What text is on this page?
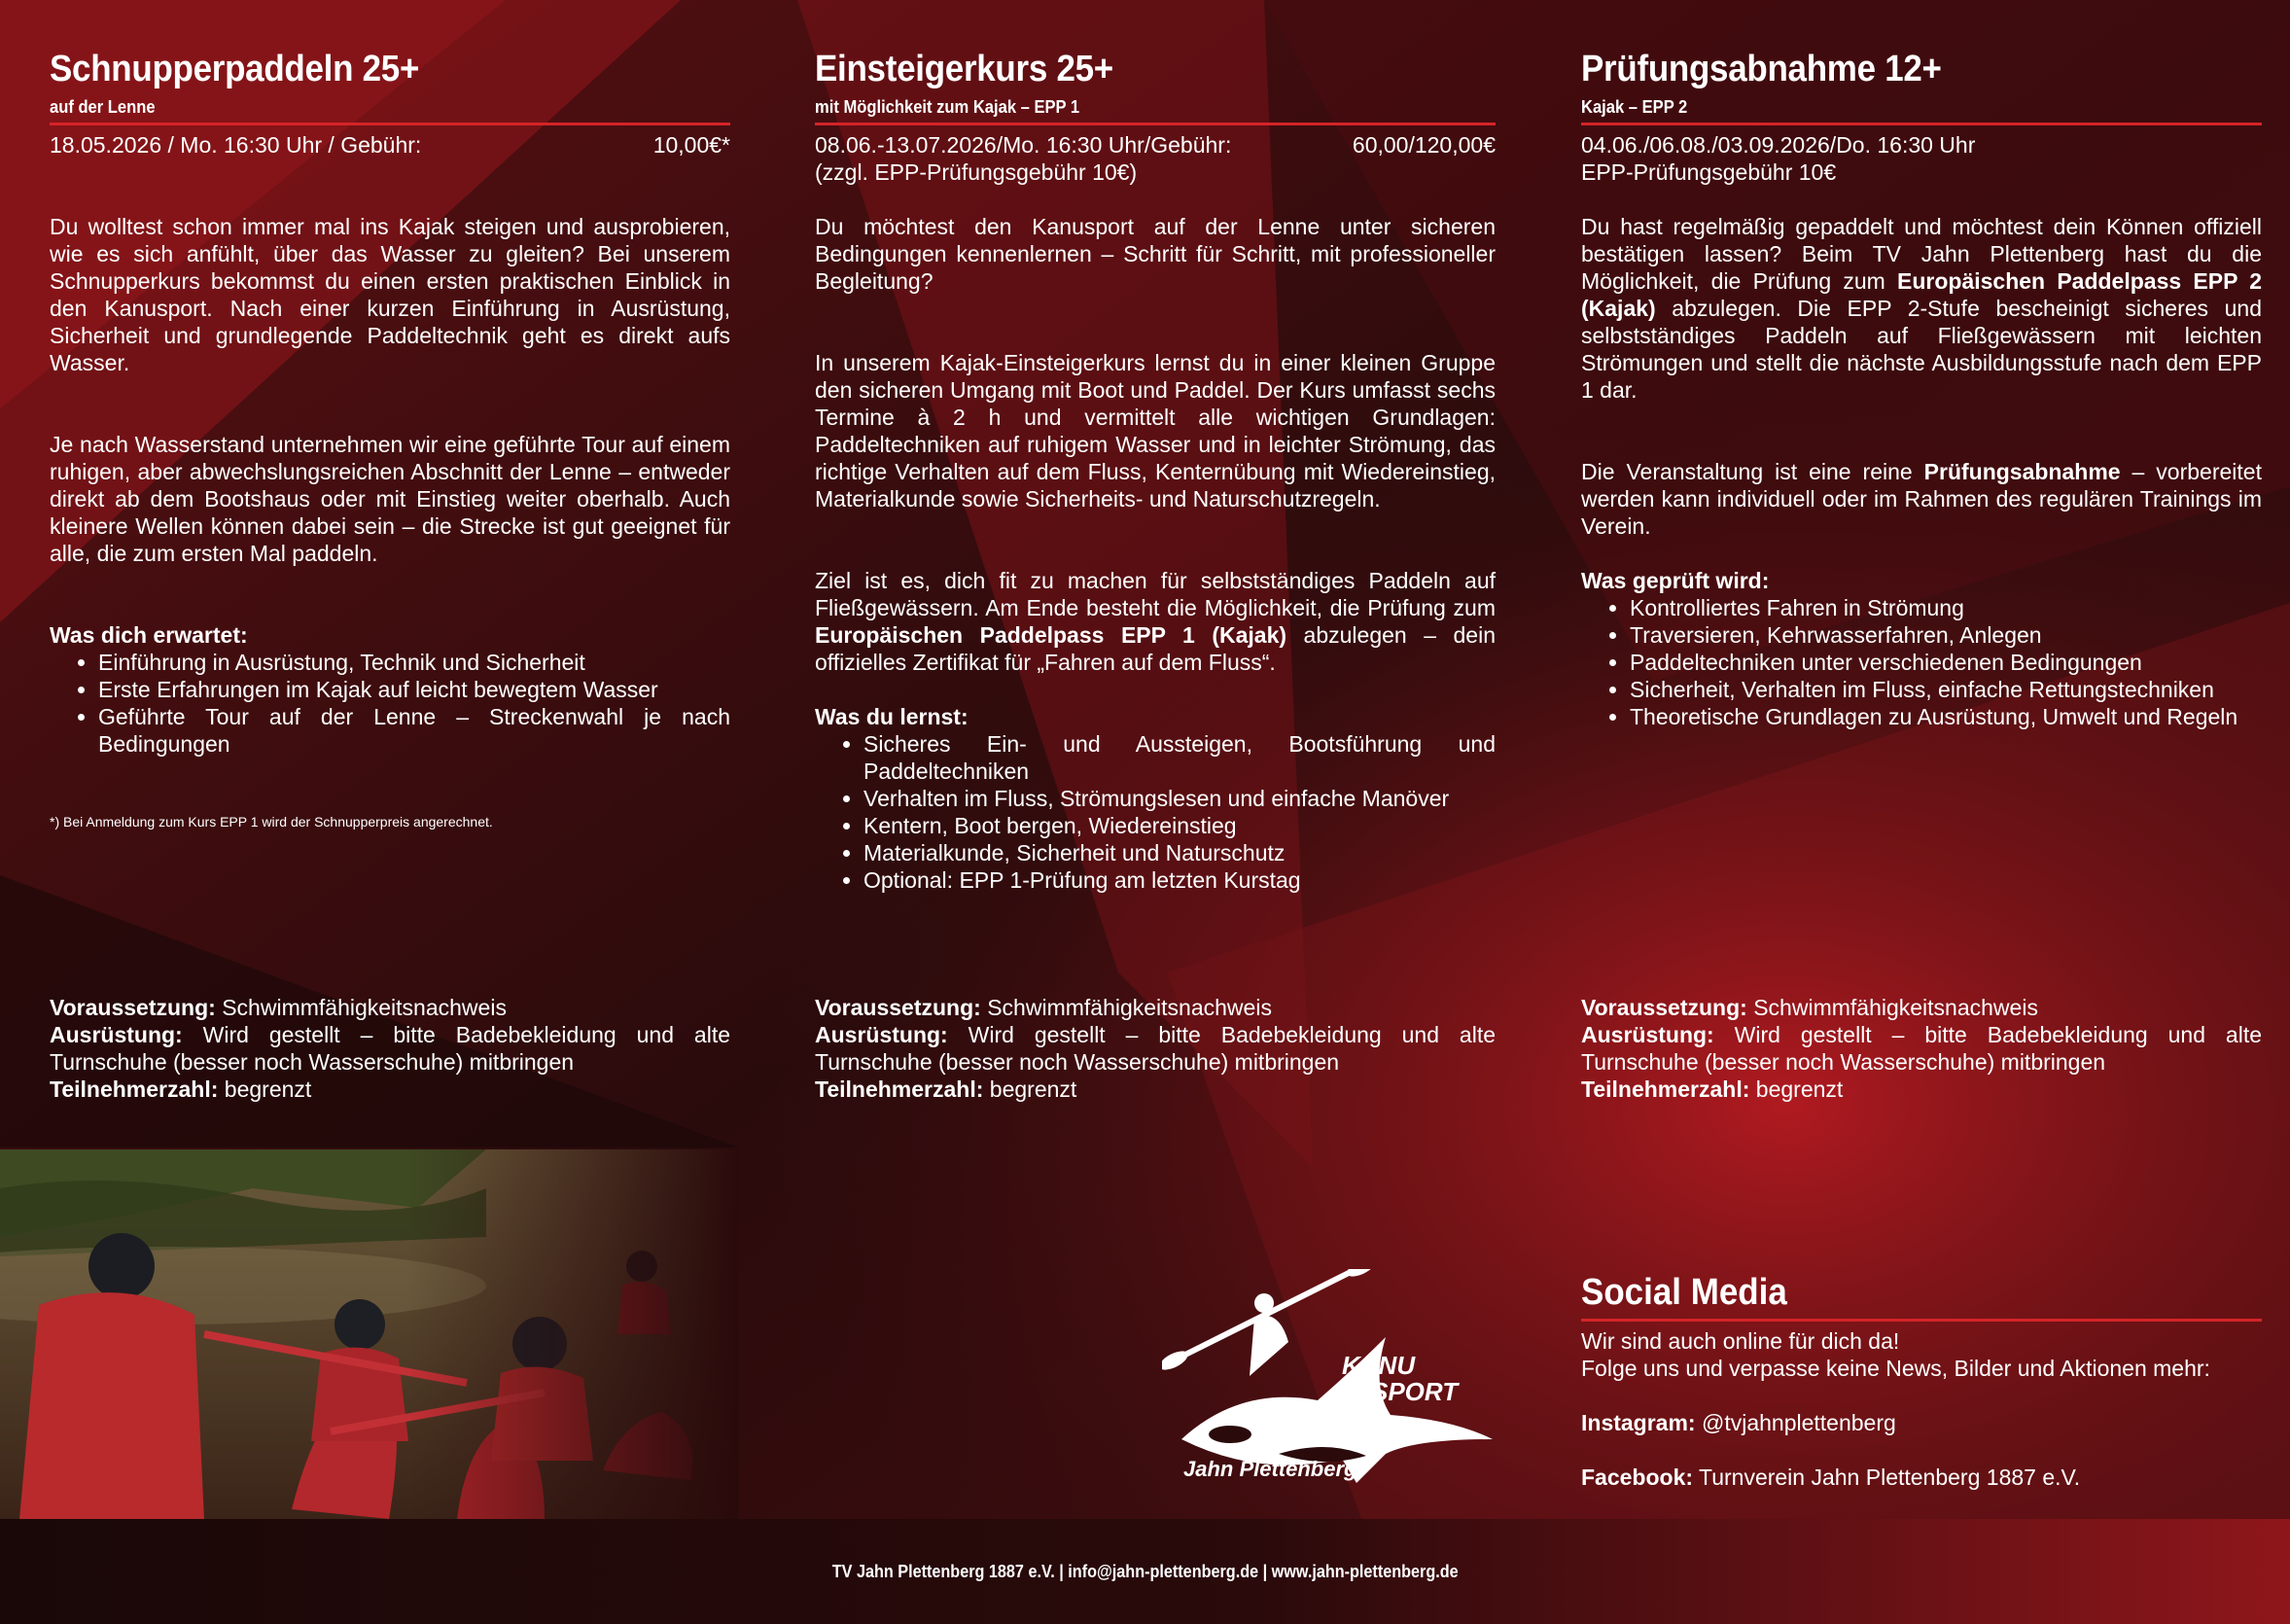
Schnupperpaddeln 25+
auf der Lenne
18.05.2026 / Mo. 16:30 Uhr / Gebühr:	10,00€*

Du wolltest schon immer mal ins Kajak steigen und ausprobieren, wie es sich anfühlt, über das Wasser zu gleiten? Bei unserem Schnupperkurs bekommst du einen ersten praktischen Einblick in den Kanusport. Nach einer kurzen Einführung in Ausrüstung, Sicherheit und grundlegende Paddeltechnik geht es direkt aufs Wasser.

Je nach Wasserstand unternehmen wir eine geführte Tour auf einem ruhigen, aber abwechslungsreichen Abschnitt der Lenne – entweder direkt ab dem Bootshaus oder mit Einstieg weiter oberhalb. Auch kleinere Wellen können dabei sein – die Strecke ist gut geeignet für alle, die zum ersten Mal paddeln.

Was dich erwartet:

• Einführung in Ausrüstung, Technik und Sicherheit
• Erste Erfahrungen im Kajak auf leicht bewegtem Wasser
• Geführte Tour auf der Lenne – Streckenwahl je nach Bedingungen
*) Bei Anmeldung zum Kurs EPP 1 wird der Schnupperpreis angerechnet.
Einsteigerkurs 25+
mit Möglichkeit zum Kajak – EPP 1
08.06.-13.07.2026/Mo. 16:30 Uhr/Gebühr:	60,00/120,00€
(zzgl. EPP-Prüfungsgebühr 10€)

Du möchtest den Kanusport auf der Lenne unter sicheren Bedingungen kennenlernen – Schritt für Schritt, mit professioneller Begleitung?

In unserem Kajak-Einsteigerkurs lernst du in einer kleinen Gruppe den sicheren Umgang mit Boot und Paddel. Der Kurs umfasst sechs Termine à 2 h und vermittelt alle wichtigen Grundlagen: Paddeltechniken auf ruhigem Wasser und in leichter Strömung, das richtige Verhalten auf dem Fluss, Kenternübung mit Wiedereinstieg, Materialkunde sowie Sicherheits- und Naturschutzregeln.

Ziel ist es, dich fit zu machen für selbstständiges Paddeln auf Fließgewässern. Am Ende besteht die Möglichkeit, die Prüfung zum Europäischen Paddelpass EPP 1 (Kajak) abzulegen – dein offizielles Zertifikat für „Fahren auf dem Fluss“.

Was du lernst:

• Sicheres Ein- und Aussteigen, Bootsführung und Paddeltechniken
• Verhalten im Fluss, Strömungslesen und einfache Manöver
• Kentern, Boot bergen, Wiedereinstieg
• Materialkunde, Sicherheit und Naturschutz
• Optional: EPP 1-Prüfung am letzten Kurstag
Prüfungsabnahme 12+
Kajak – EPP 2
04.06./06.08./03.09.2026/Do. 16:30 Uhr
EPP-Prüfungsgebühr 10€

Du hast regelmäßig gepaddelt und möchtest dein Können offiziell bestätigen lassen? Beim TV Jahn Plettenberg hast du die Möglichkeit, die Prüfung zum Europäischen Paddelpass EPP 2 (Kajak) abzulegen. Die EPP 2-Stufe bescheinigt sicheres und selbstständiges Paddeln auf Fließgewässern mit leichten Strömungen und stellt die nächste Ausbildungsstufe nach dem EPP 1 dar.

Die Veranstaltung ist eine reine Prüfungsabnahme – vorbereitet werden kann individuell oder im Rahmen des regulären Trainings im Verein.

Was geprüft wird:

• Kontrolliertes Fahren in Strömung
• Traversieren, Kehrwasserfahren, Anlegen
• Paddeltechniken unter verschiedenen Bedingungen
• Sicherheit, Verhalten im Fluss, einfache Rettungstechniken
• Theoretische Grundlagen zu Ausrüstung, Umwelt und Regeln
Voraussetzung: Schwimmfähigkeitsnachweis
Ausrüstung: Wird gestellt – bitte Badebekleidung und alte Turnschuhe (besser noch Wasserschuhe) mitbringen
Teilnehmerzahl: begrenzt
Voraussetzung: Schwimmfähigkeitsnachweis
Ausrüstung: Wird gestellt – bitte Badebekleidung und alte Turnschuhe (besser noch Wasserschuhe) mitbringen
Teilnehmerzahl: begrenzt
Voraussetzung: Schwimmfähigkeitsnachweis
Ausrüstung: Wird gestellt – bitte Badebekleidung und alte Turnschuhe (besser noch Wasserschuhe) mitbringen
Teilnehmerzahl: begrenzt
KANU
SPORT
Jahn Plettenberg
Social Media
Wir sind auch online für dich da!
Folge uns und verpasse keine News, Bilder und Aktionen mehr:
Instagram: @tvjahnplettenberg
Facebook: Turnverein Jahn Plettenberg 1887 e.V.
TV Jahn Plettenberg 1887 e.V. | info@jahn-plettenberg.de | www.jahn-plettenberg.de
